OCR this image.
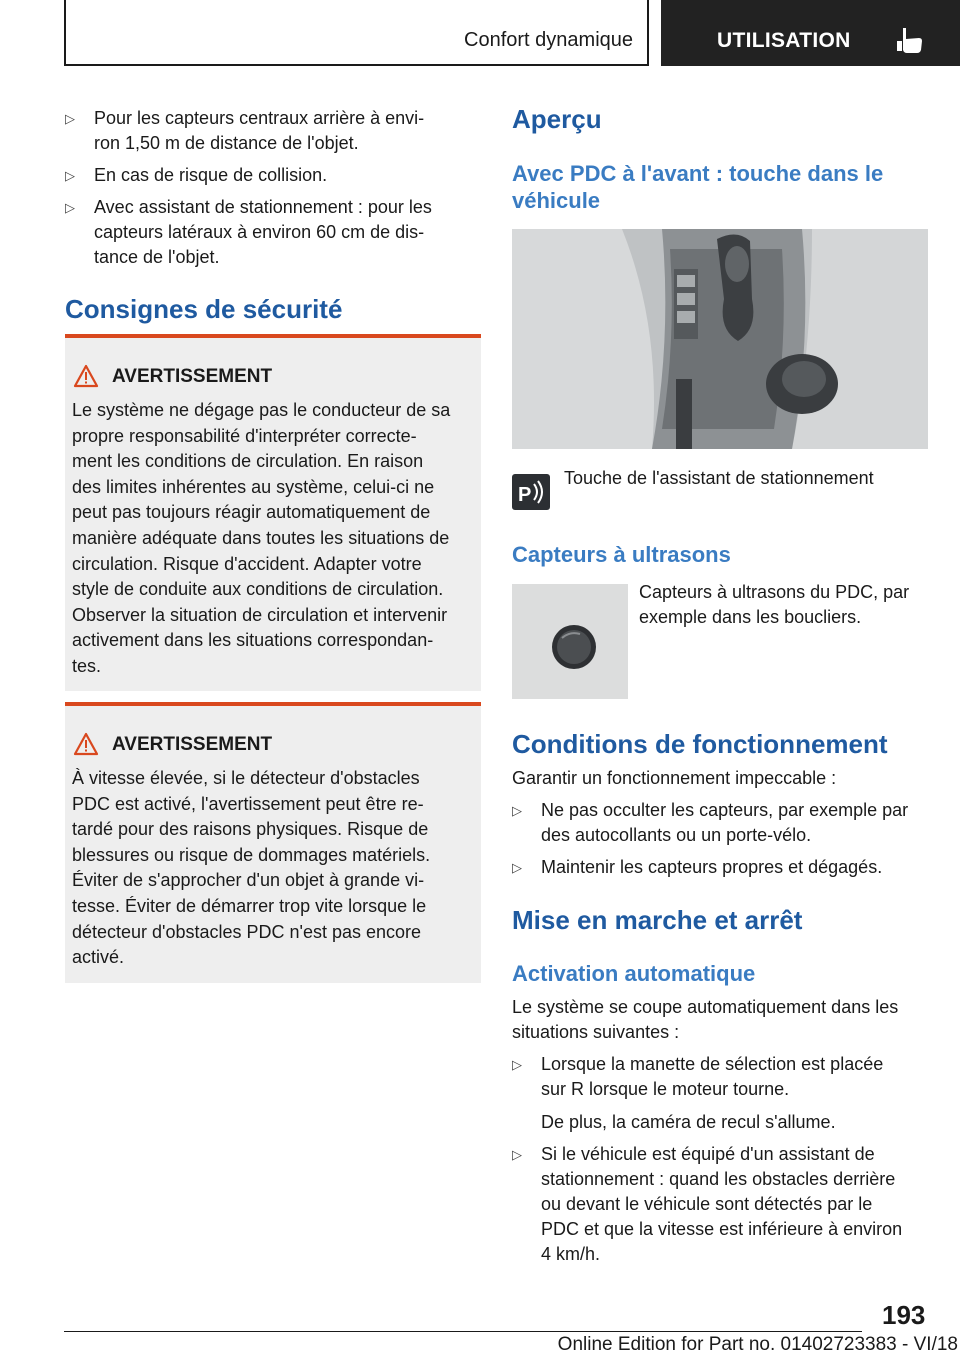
Confort dynamique	UTILISATION
▷	Pour les capteurs centraux arrière à envi-
ron 1,50 m de distance de l'objet.
▷	En cas de risque de collision.
▷	Avec assistant de stationnement : pour les
capteurs latéraux à environ 60 cm de dis-
tance de l'objet.
Consignes de sécurité
AVERTISSEMENT
Le système ne dégage pas le conducteur de sa
propre responsabilité d'interpréter correcte-
ment les conditions de circulation. En raison
des limites inhérentes au système, celui-ci ne
peut pas toujours réagir automatiquement de
manière adéquate dans toutes les situations de
circulation. Risque d'accident. Adapter votre
style de conduite aux conditions de circulation.
Observer la situation de circulation et intervenir
activement dans les situations correspondan-
tes.
AVERTISSEMENT
À vitesse élevée, si le détecteur d'obstacles
PDC est activé, l'avertissement peut être re-
tardé pour des raisons physiques. Risque de
blessures ou risque de dommages matériels.
Éviter de s'approcher d'un objet à grande vi-
tesse. Éviter de démarrer trop vite lorsque le
détecteur d'obstacles PDC n'est pas encore
activé.
Aperçu
Avec PDC à l'avant : touche dans le
véhicule
P
Touche de l'assistant de stationnement
Capteurs à ultrasons
Capteurs à ultrasons du PDC, par
exemple dans les boucliers.
Conditions de fonctionnement
Garantir un fonctionnement impeccable :
▷	Ne pas occulter les capteurs, par exemple par
des autocollants ou un porte-vélo.
▷	Maintenir les capteurs propres et dégagés.
Mise en marche et arrêt
Activation automatique
Le système se coupe automatiquement dans les
situations suivantes :
▷	Lorsque la manette de sélection est placée
sur R lorsque le moteur tourne.
De plus, la caméra de recul s'allume.
▷	Si le véhicule est équipé d'un assistant de
stationnement : quand les obstacles derrière
ou devant le véhicule sont détectés par le
PDC et que la vitesse est inférieure à environ
4 km/h.
193
Online Edition for Part no. 01402723383 - VI/18
